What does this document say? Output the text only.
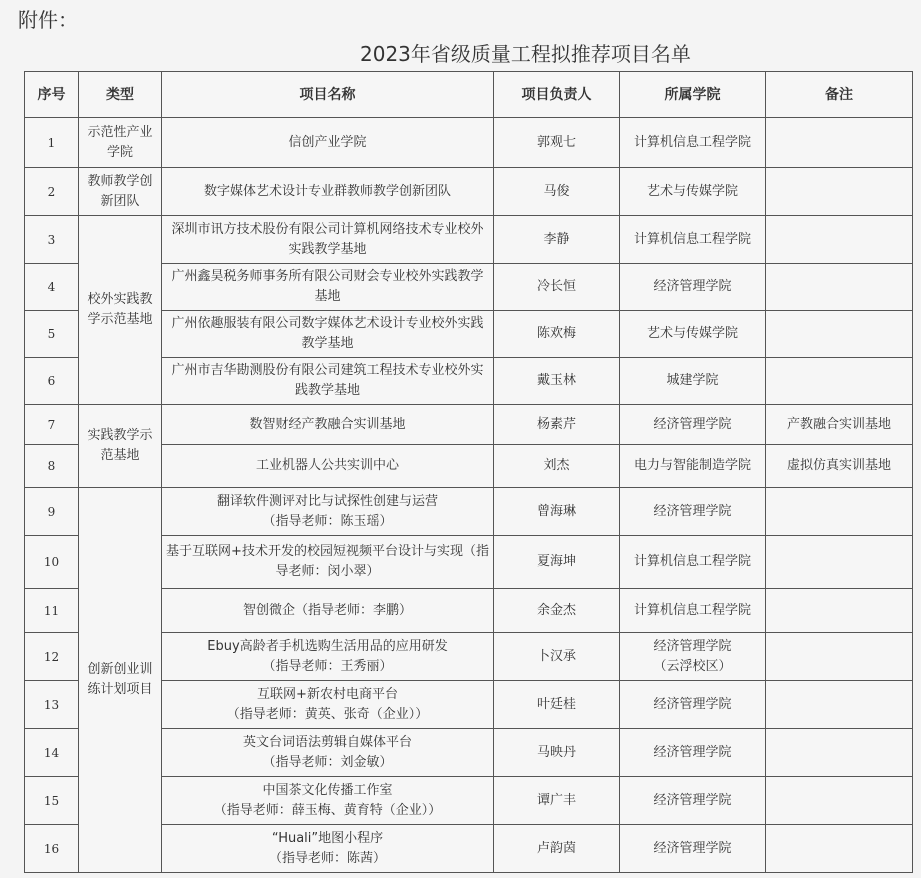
附件：
2023年省级质量工程拟推荐项目名单
序号	类型	项目名称	项目负责人	所属学院	备注
1	示范性产业学院	信创产业学院	郭观七	计算机信息工程学院

2	教师教学创新团队	数字媒体艺术设计专业群教师教学创新团队	马俊	艺术与传媒学院

3	校外实践教学示范基地	深圳市讯方技术股份有限公司计算机网络技术专业校外实践教学基地	李静	计算机信息工程学院

4		广州鑫昊税务师事务所有限公司财会专业校外实践教学基地	冷长恒	经济管理学院

5		广州依趣服装有限公司数字媒体艺术设计专业校外实践教学基地	陈欢梅	艺术与传媒学院

6		广州市吉华勘测股份有限公司建筑工程技术专业校外实践教学基地	戴玉林	城建学院

7	实践教学示范基地	数智财经产教融合实训基地	杨素芹	经济管理学院	产教融合实训基地
8		工业机器人公共实训中心	刘杰	电力与智能制造学院	虚拟仿真实训基地
9	创新创业训练计划项目	翻译软件测评对比与试探性创建与运营
（指导老师：陈玉瑶）	曾海琳	经济管理学院

10		基于互联网+技术开发的校园短视频平台设计与实现（指导老师：闵小翠）	夏海坤	计算机信息工程学院

11		智创微企（指导老师：李鹏）	余金杰	计算机信息工程学院

12		Ebuy高龄者手机选购生活用品的应用研发
（指导老师：王秀丽）	卜汉承	经济管理学院
（云浮校区）	

13		互联网+新农村电商平台
（指导老师：黄英、张奇（企业））	叶廷桂	经济管理学院

14		英文台词语法剪辑自媒体平台
（指导老师：刘金敏）	马映丹	经济管理学院

15		中国茶文化传播工作室
（指导老师：薛玉梅、黄育特（企业））	谭广丰	经济管理学院

16		“Huali”地图小程序
（指导老师：陈茜）	卢韵茵	经济管理学院
